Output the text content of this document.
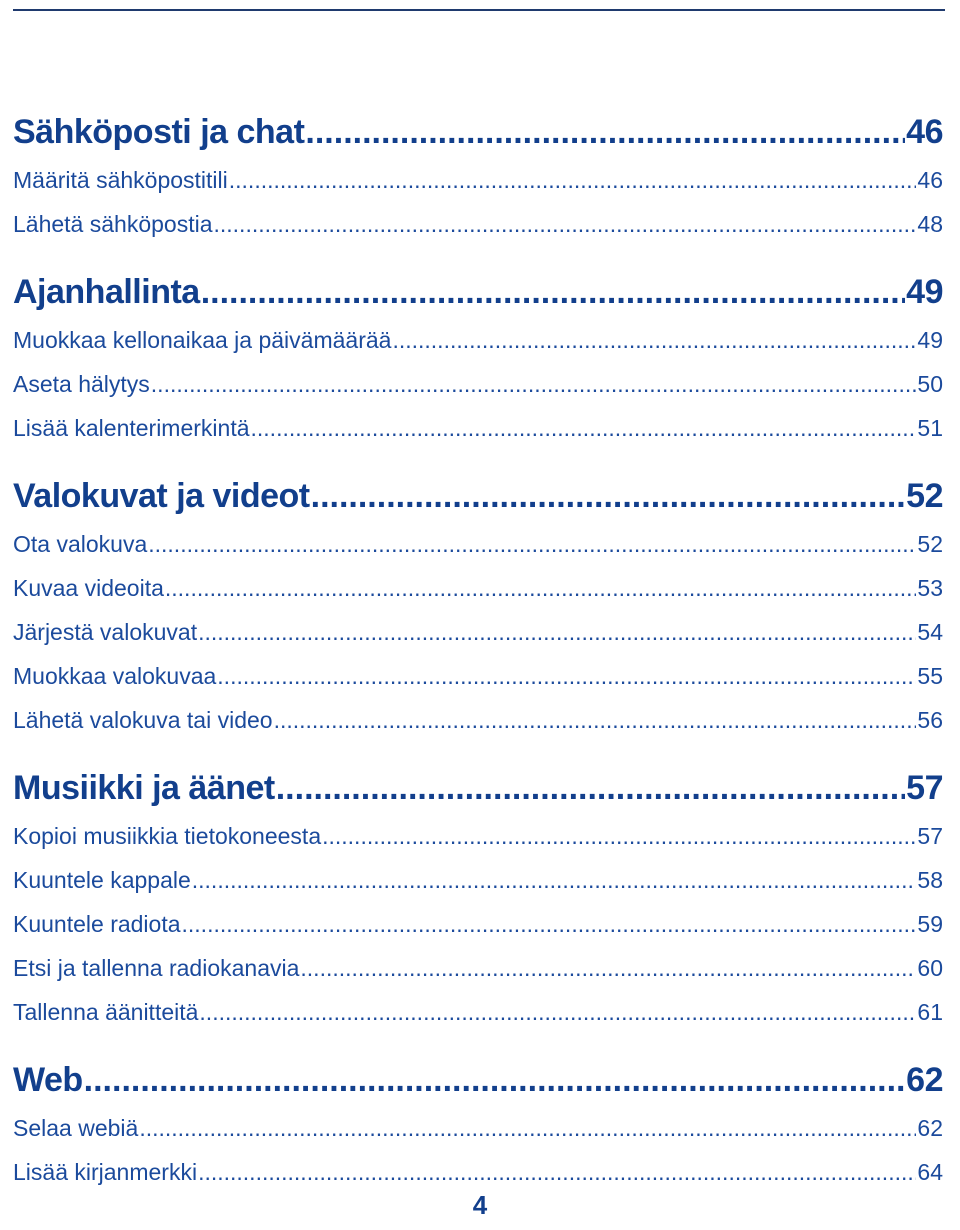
Sähköposti ja chat .....	46
Määritä sähköpostitili .....	46
Lähetä sähköpostia .....	48
Ajanhallinta .....	49
Muokkaa kellonaikaa ja päivämäärää .....	49
Aseta hälytys .....	50
Lisää kalenterimerkintä .....	51
Valokuvat ja videot .....	52
Ota valokuva .....	52
Kuvaa videoita .....	53
Järjestä valokuvat .....	54
Muokkaa valokuvaa .....	55
Lähetä valokuva tai video .....	56
Musiikki ja äänet .....	57
Kopioi musiikkia tietokoneesta .....	57
Kuuntele kappale .....	58
Kuuntele radiota .....	59
Etsi ja tallenna radiokanavia .....	60
Tallenna äänitteitä .....	61
Web .....	62
Selaa webiä .....	62
Lisää kirjanmerkki .....	64
4
